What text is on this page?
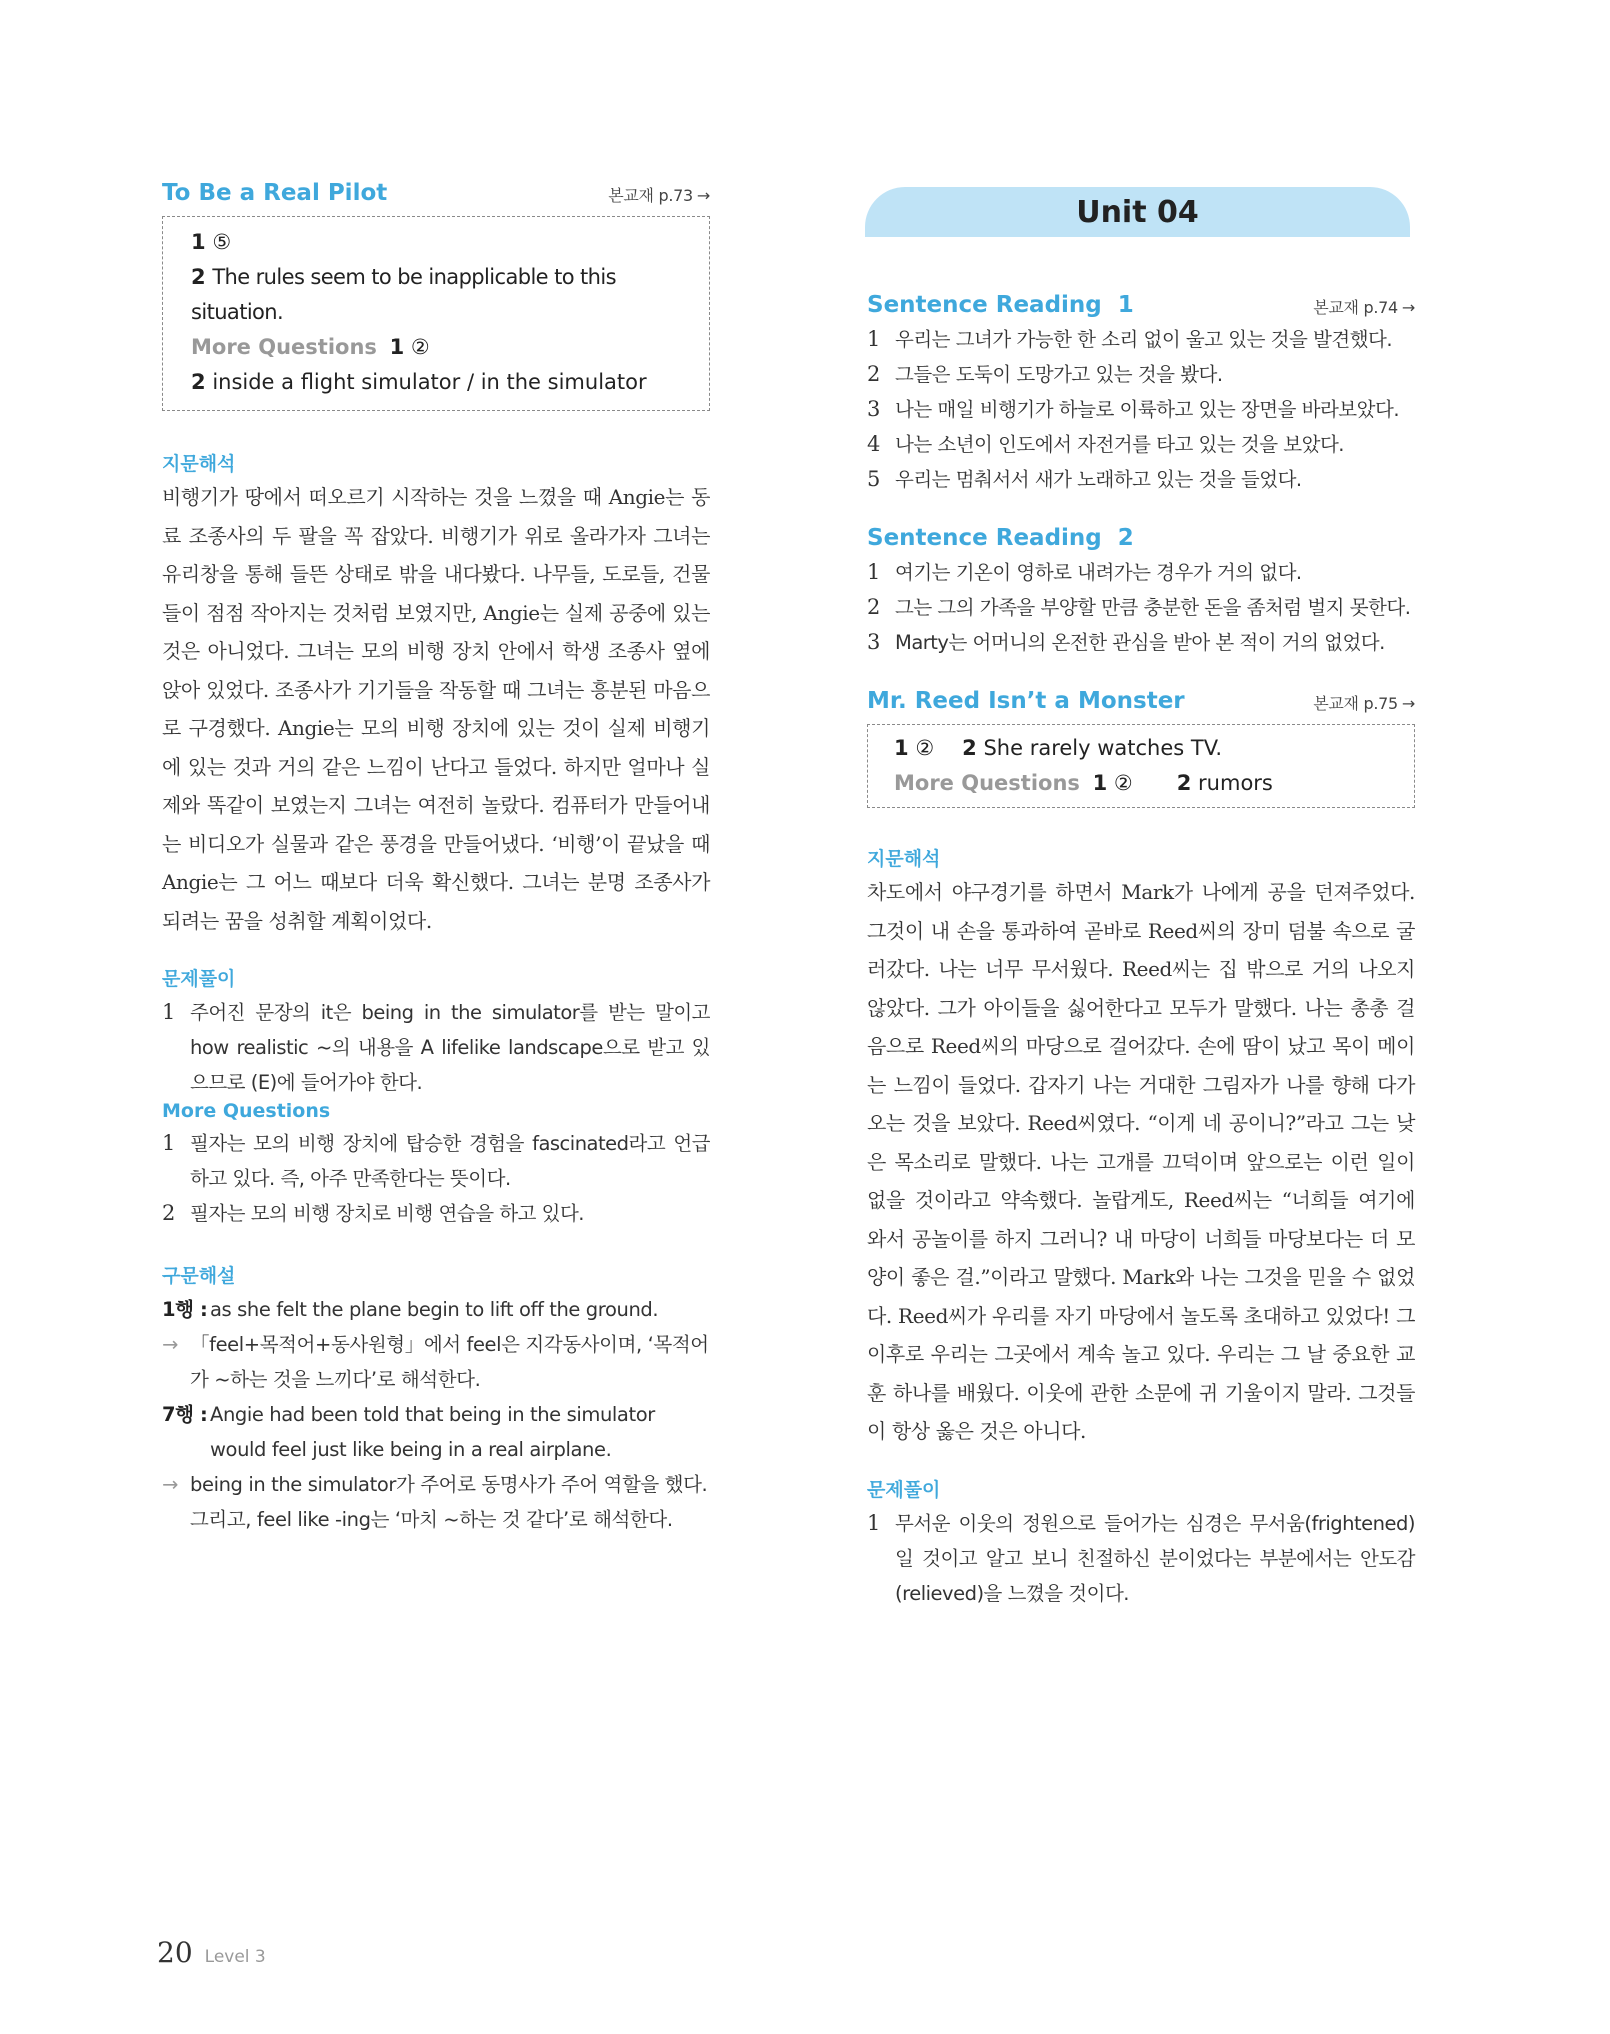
To Be a Real Pilot	본교재 p.73 →
1 ⑤
2 The rules seem to be inapplicable to this situation.
More Questions 1 ②
2 inside a flight simulator / in the simulator
지문해석

비행기가 땅에서 떠오르기 시작하는 것을 느꼈을 때 Angie는 동료 조종사의 두 팔을 꼭 잡았다. 비행기가 위로 올라가자 그녀는 유리창을 통해 들뜬 상태로 밖을 내다봤다. 나무들, 도로들, 건물들이 점점 작아지는 것처럼 보였지만, Angie는 실제 공중에 있는 것은 아니었다. 그녀는 모의 비행 장치 안에서 학생 조종사 옆에 앉아 있었다. 조종사가 기기들을 작동할 때 그녀는 흥분된 마음으로 구경했다. Angie는 모의 비행 장치에 있는 것이 실제 비행기에 있는 것과 거의 같은 느낌이 난다고 들었다. 하지만 얼마나 실제와 똑같이 보였는지 그녀는 여전히 놀랐다. 컴퓨터가 만들어내는 비디오가 실물과 같은 풍경을 만들어냈다. ‘비행’이 끝났을 때 Angie는 그 어느 때보다 더욱 확신했다. 그녀는 분명 조종사가 되려는 꿈을 성취할 계획이었다.

문제풀이
1 주어진 문장의 it은 being in the simulator를 받는 말이고 how realistic ~의 내용을 A lifelike landscape으로 받고 있으므로 (E)에 들어가야 한다.
More Questions
1 필자는 모의 비행 장치에 탑승한 경험을 fascinated라고 언급하고 있다. 즉, 아주 만족한다는 뜻이다.
2 필자는 모의 비행 장치로 비행 연습을 하고 있다.
구문해설
1행 : as she felt the plane begin to lift off the ground.
→ 「feel+목적어+동사원형」에서 feel은 지각동사이며, ‘목적어가 ~하는 것을 느끼다’로 해석한다.
7행 : Angie had been told that being in the simulator would feel just like being in a real airplane.
→ being in the simulator가 주어로 동명사가 주어 역할을 했다. 그리고, feel like -ing는 ‘마치 ~하는 것 같다’로 해석한다.
Unit 04
Sentence Reading 1	본교재 p.74 →
1 우리는 그녀가 가능한 한 소리 없이 울고 있는 것을 발견했다.
2 그들은 도둑이 도망가고 있는 것을 봤다.
3 나는 매일 비행기가 하늘로 이륙하고 있는 장면을 바라보았다.
4 나는 소년이 인도에서 자전거를 타고 있는 것을 보았다.
5 우리는 멈춰서서 새가 노래하고 있는 것을 들었다.
Sentence Reading 2
1 여기는 기온이 영하로 내려가는 경우가 거의 없다.
2 그는 그의 가족을 부양할 만큼 충분한 돈을 좀처럼 벌지 못한다.
3 Marty는 어머니의 온전한 관심을 받아 본 적이 거의 없었다.
Mr. Reed Isn’t a Monster	본교재 p.75 →
1 ② 2 She rarely watches TV.
More Questions 1 ② 2 rumors
지문해석

차도에서 야구경기를 하면서 Mark가 나에게 공을 던져주었다. 그것이 내 손을 통과하여 곧바로 Reed씨의 장미 덤불 속으로 굴러갔다. 나는 너무 무서웠다. Reed씨는 집 밖으로 거의 나오지 않았다. 그가 아이들을 싫어한다고 모두가 말했다. 나는 총총 걸음으로 Reed씨의 마당으로 걸어갔다. 손에 땀이 났고 목이 메이는 느낌이 들었다. 갑자기 나는 거대한 그림자가 나를 향해 다가오는 것을 보았다. Reed씨였다. “이게 네 공이니?”라고 그는 낮은 목소리로 말했다. 나는 고개를 끄덕이며 앞으로는 이런 일이 없을 것이라고 약속했다. 놀랍게도, Reed씨는 “너희들 여기에 와서 공놀이를 하지 그러니? 내 마당이 너희들 마당보다는 더 모양이 좋은 걸.”이라고 말했다. Mark와 나는 그것을 믿을 수 없었다. Reed씨가 우리를 자기 마당에서 놀도록 초대하고 있었다! 그 이후로 우리는 그곳에서 계속 놀고 있다. 우리는 그 날 중요한 교훈 하나를 배웠다. 이웃에 관한 소문에 귀 기울이지 말라. 그것들이 항상 옳은 것은 아니다.

문제풀이
1 무서운 이웃의 정원으로 들어가는 심경은 무서움(frightened)일 것이고 알고 보니 친절하신 분이었다는 부분에서는 안도감(relieved)을 느꼈을 것이다.
20 Level 3
